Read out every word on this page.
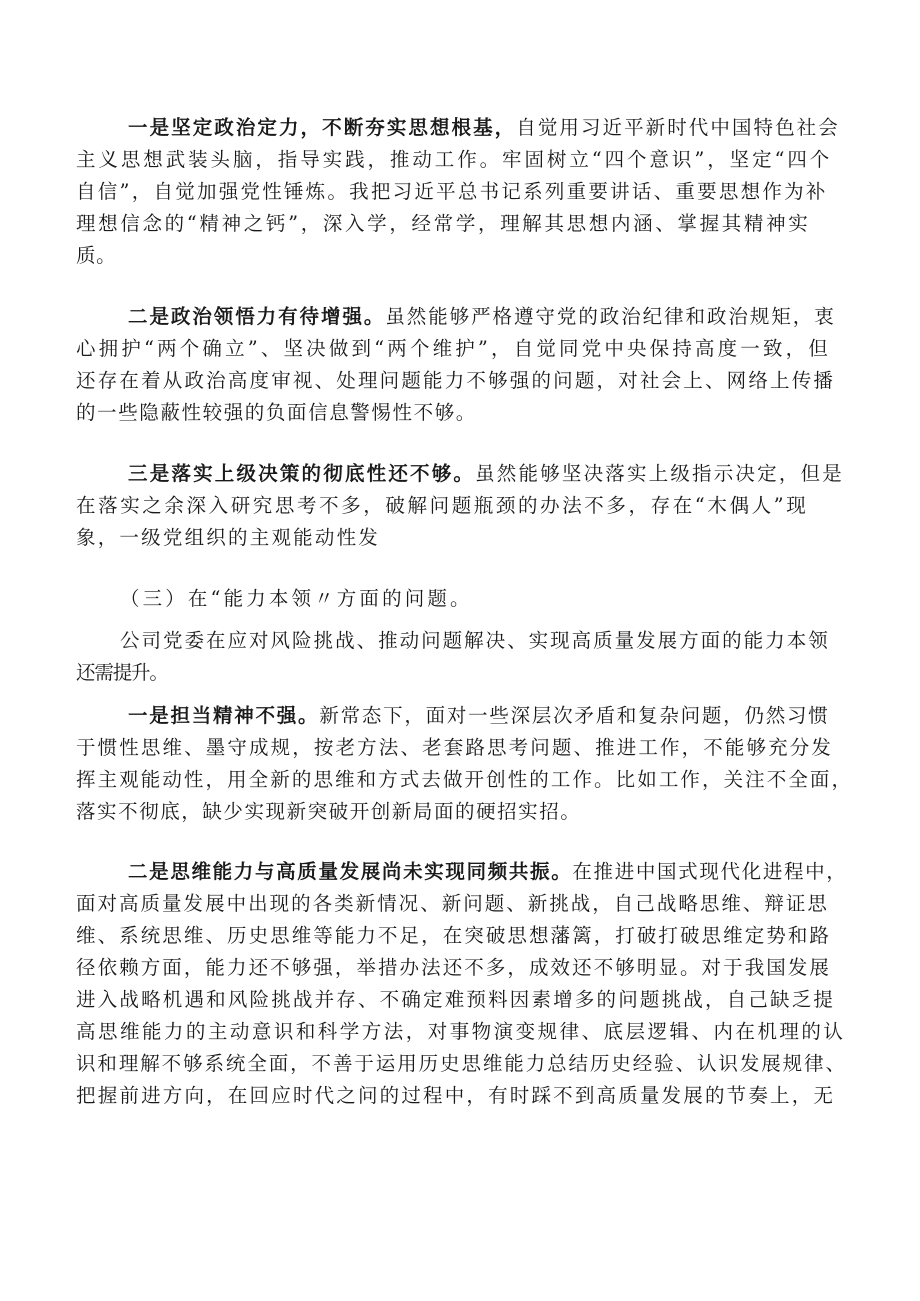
一是坚定政治定力，不断夯实思想根基，自觉用习近平新时代中国特色社会

主义思想武装头脑，指导实践，推动工作。牢固树立“四个意识”，坚定“四个

自信”，自觉加强党性锤炼。我把习近平总书记系列重要讲话、重要思想作为补

理想信念的“精神之钙”，深入学，经常学，理解其思想内涵、掌握其精神实

质。

二是政治领悟力有待增强。虽然能够严格遵守党的政治纪律和政治规矩，衷

心拥护“两个确立”、坚决做到“两个维护”，自觉同党中央保持高度一致，但

还存在着从政治高度审视、处理问题能力不够强的问题，对社会上、网络上传播

的一些隐蔽性较强的负面信息警惕性不够。

三是落实上级决策的彻底性还不够。虽然能够坚决落实上级指示决定，但是

在落实之余深入研究思考不多，破解问题瓶颈的办法不多，存在“木偶人”现

象，一级党组织的主观能动性发

（三）在“能力本领〃方面的问题。

公司党委在应对风险挑战、推动问题解决、实现高质量发展方面的能力本领

还需提升。

一是担当精神不强。新常态下，面对一些深层次矛盾和复杂问题，仍然习惯

于惯性思维、墨守成规，按老方法、老套路思考问题、推进工作，不能够充分发

挥主观能动性，用全新的思维和方式去做开创性的工作。比如工作，关注不全面，

落实不彻底，缺少实现新突破开创新局面的硬招实招。

二是思维能力与高质量发展尚未实现同频共振。在推进中国式现代化进程中，

面对高质量发展中出现的各类新情况、新问题、新挑战，自己战略思维、辩证思

维、系统思维、历史思维等能力不足，在突破思想藩篱，打破打破思维定势和路

径依赖方面，能力还不够强，举措办法还不多，成效还不够明显。对于我国发展

进入战略机遇和风险挑战并存、不确定难预料因素增多的问题挑战，自己缺乏提

高思维能力的主动意识和科学方法，对事物演变规律、底层逻辑、内在机理的认

识和理解不够系统全面，不善于运用历史思维能力总结历史经验、认识发展规律、

把握前进方向，在回应时代之问的过程中，有时踩不到高质量发展的节奏上，无
